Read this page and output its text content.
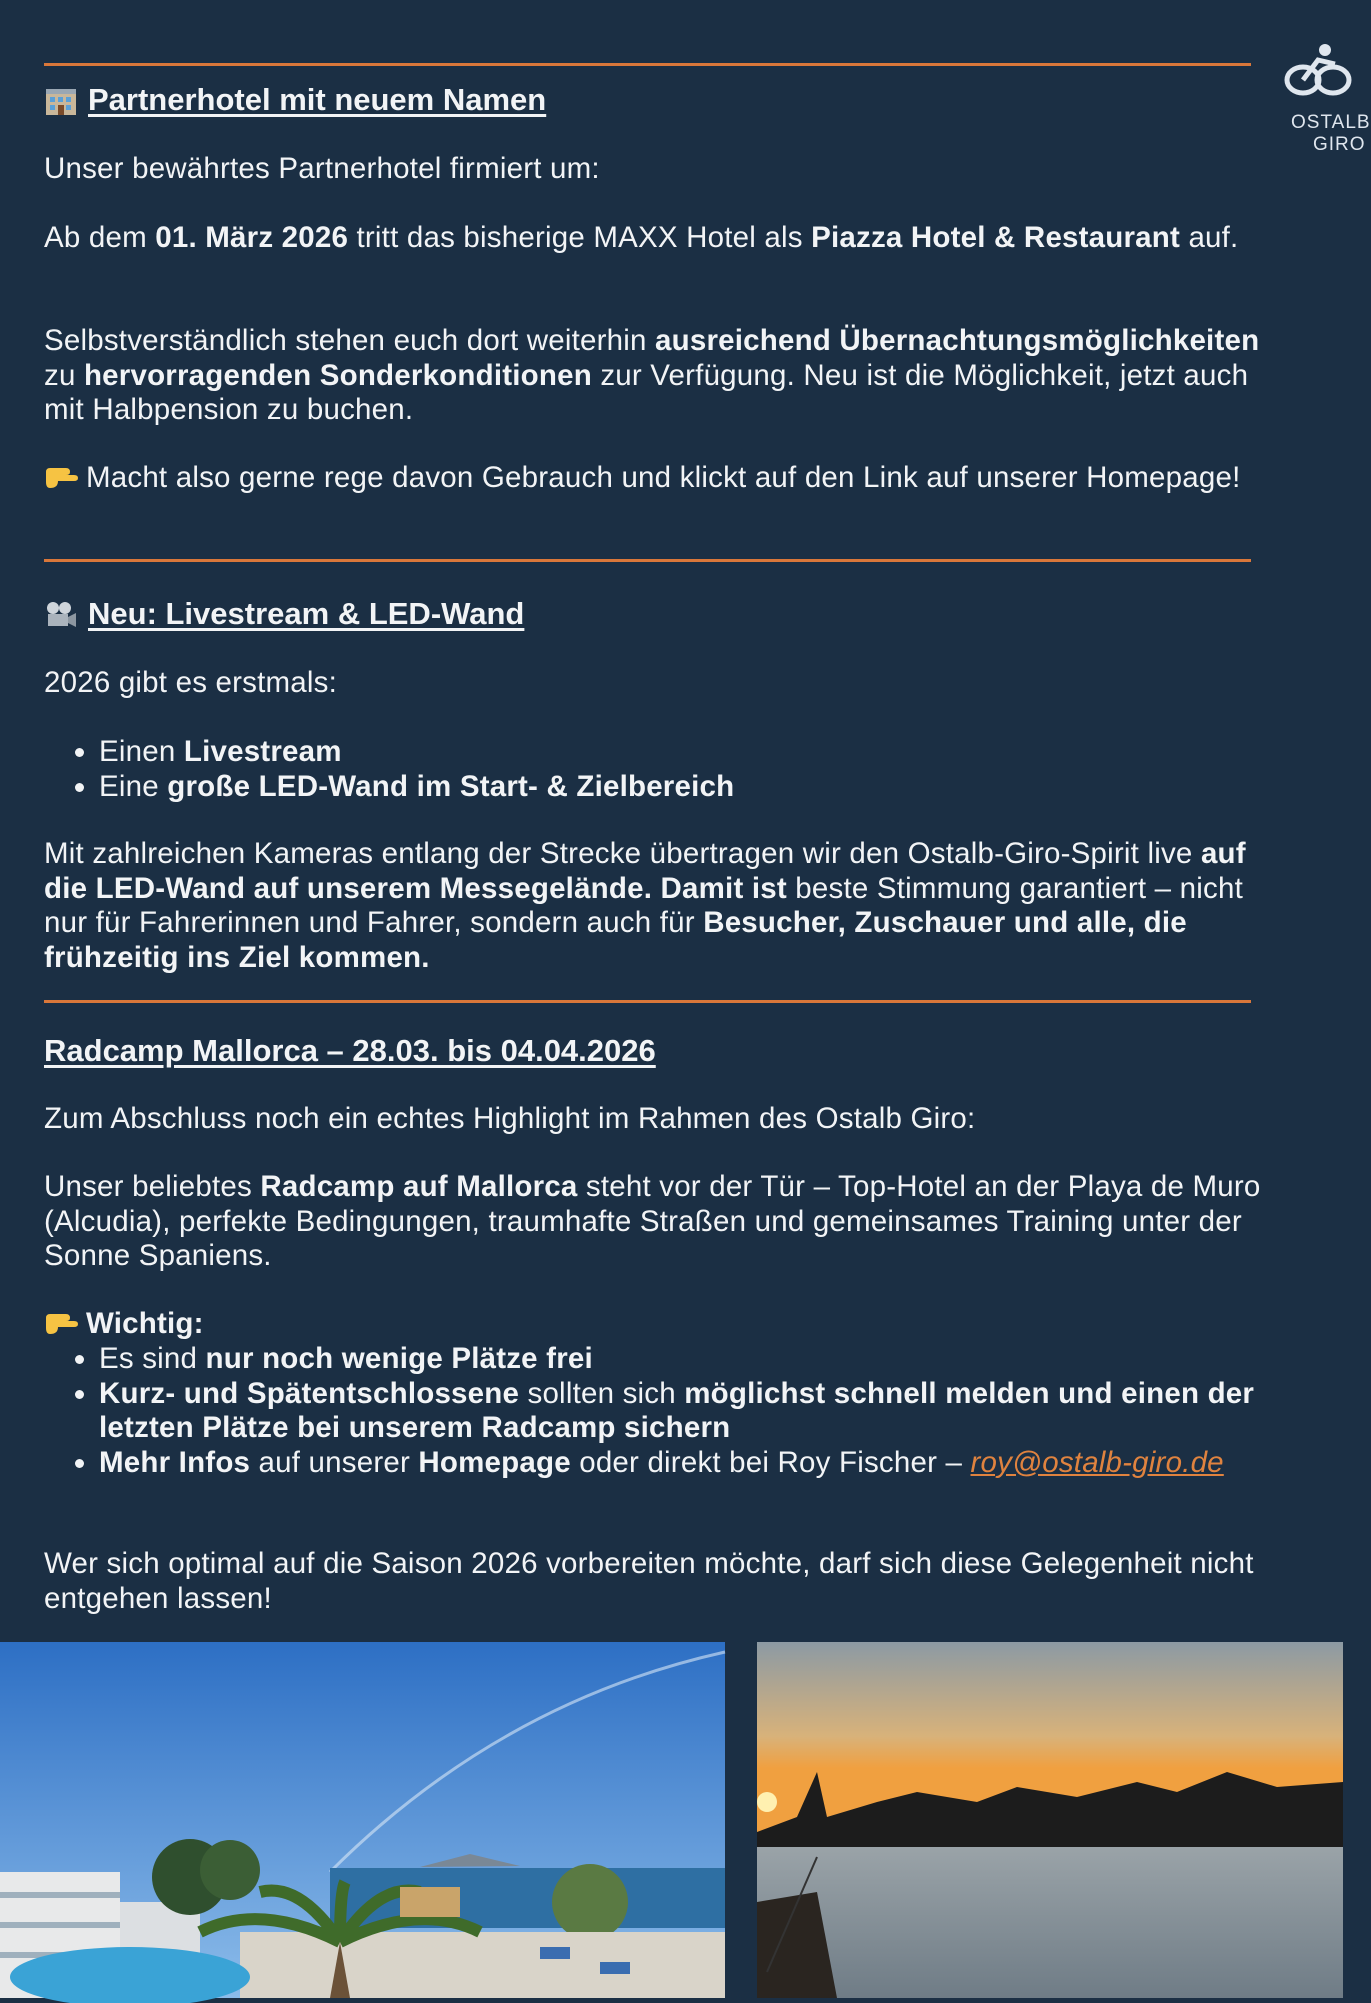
OSTALB
GIRO
Partnerhotel mit neuem Namen
Unser bewährtes Partnerhotel firmiert um:
Ab dem 01. März 2026 tritt das bisherige MAXX Hotel als Piazza Hotel & Restaurant auf.
Selbstverständlich stehen euch dort weiterhin ausreichend Übernachtungsmöglichkeiten zu hervorragenden Sonderkonditionen zur Verfügung. Neu ist die Möglichkeit, jetzt auch mit Halbpension zu buchen.
Macht also gerne rege davon Gebrauch und klickt auf den Link auf unserer Homepage!
Neu: Livestream & LED-Wand
2026 gibt es erstmals:
• Einen Livestream
• Eine große LED-Wand im Start- & Zielbereich
Mit zahlreichen Kameras entlang der Strecke übertragen wir den Ostalb-Giro-Spirit live auf die LED-Wand auf unserem Messegelände. Damit ist beste Stimmung garantiert – nicht nur für Fahrerinnen und Fahrer, sondern auch für Besucher, Zuschauer und alle, die frühzeitig ins Ziel kommen.
Radcamp Mallorca – 28.03. bis 04.04.2026
Zum Abschluss noch ein echtes Highlight im Rahmen des Ostalb Giro:
Unser beliebtes Radcamp auf Mallorca steht vor der Tür – Top-Hotel an der Playa de Muro (Alcudia), perfekte Bedingungen, traumhafte Straßen und gemeinsames Training unter der Sonne Spaniens.
Wichtig:
• Es sind nur noch wenige Plätze frei
• Kurz- und Spätentschlossene sollten sich möglichst schnell melden und einen der letzten Plätze bei unserem Radcamp sichern
• Mehr Infos auf unserer Homepage oder direkt bei Roy Fischer – roy@ostalb-giro.de
Wer sich optimal auf die Saison 2026 vorbereiten möchte, darf sich diese Gelegenheit nicht entgehen lassen!
